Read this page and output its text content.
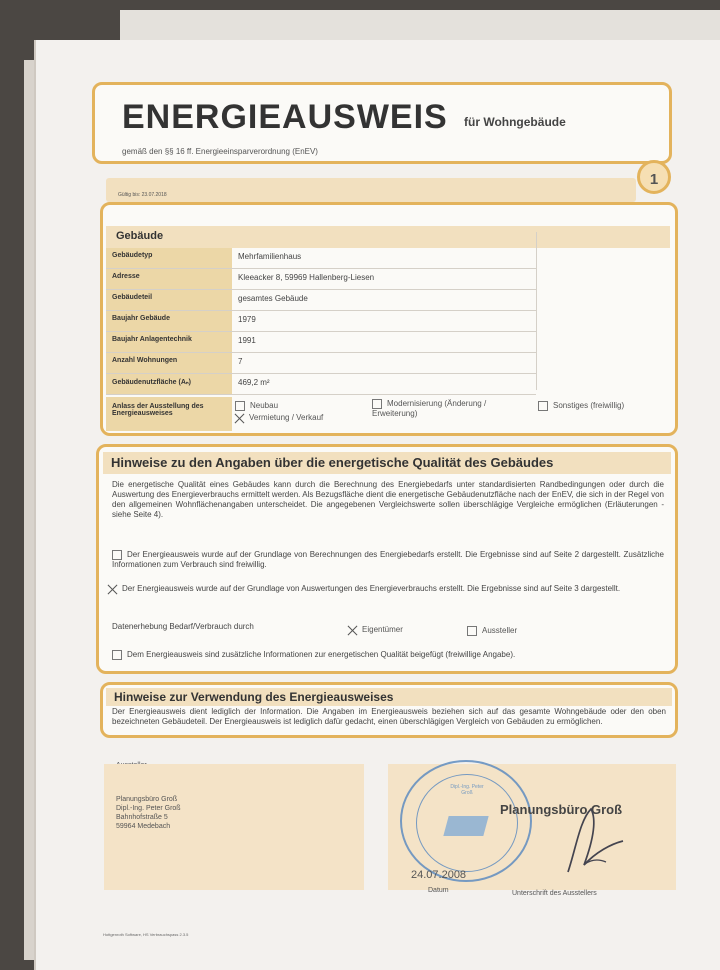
ENERGIEAUSWEIS für Wohngebäude
gemäß den §§ 16 ff. Energieeinsparverordnung (EnEV)
Gültig bis: 23.07.2018
1
Gebäude
Gebäudetyp	Mehrfamilienhaus
Adresse	Kleeacker 8, 59969 Hallenberg-Liesen
Gebäudeteil	gesamtes Gebäude
Baujahr Gebäude	1979
Baujahr Anlagentechnik	1991
Anzahl Wohnungen	7
Gebäudenutzfläche (Aₙ)	469,2 m²
Anlass der Ausstellung des Energieausweises
Neubau
Vermietung / Verkauf
Modernisierung (Änderung / Erweiterung)
Sonstiges (freiwillig)
Hinweise zu den Angaben über die energetische Qualität des Gebäudes
Die energetische Qualität eines Gebäudes kann durch die Berechnung des Energiebedarfs unter standardisierten Randbedingungen oder durch die Auswertung des Energieverbrauchs ermittelt werden. Als Bezugsfläche dient die energetische Gebäudenutzfläche nach der EnEV, die sich in der Regel von den allgemeinen Wohnflächenangaben unterscheidet. Die angegebenen Vergleichswerte sollen überschlägige Vergleiche ermöglichen (Erläuterungen - siehe Seite 4).
Der Energieausweis wurde auf der Grundlage von Berechnungen des Energiebedarfs erstellt. Die Ergebnisse sind auf Seite 2 dargestellt. Zusätzliche Informationen zum Verbrauch sind freiwillig.
Der Energieausweis wurde auf der Grundlage von Auswertungen des Energieverbrauchs erstellt. Die Ergebnisse sind auf Seite 3 dargestellt.
Datenerhebung Bedarf/Verbrauch durch	Eigentümer	Aussteller
Dem Energieausweis sind zusätzliche Informationen zur energetischen Qualität beigefügt (freiwillige Angabe).
Hinweise zur Verwendung des Energieausweises
Der Energieausweis dient lediglich der Information. Die Angaben im Energieausweis beziehen sich auf das gesamte Wohngebäude oder den oben bezeichneten Gebäudeteil. Der Energieausweis ist lediglich dafür gedacht, einen überschlägigen Vergleich von Gebäuden zu ermöglichen.
Planungsbüro Groß
Dipl.-Ing. Peter Groß
Bahnhofstraße 5
59964 Medebach
Dipl.-Ing. Peter Groß
Planungsbüro Groß
24.07.2008
Datum	Unterschrift des Ausstellers
Hottgenroth Software, HS Verbrauchspass 2.3.5
